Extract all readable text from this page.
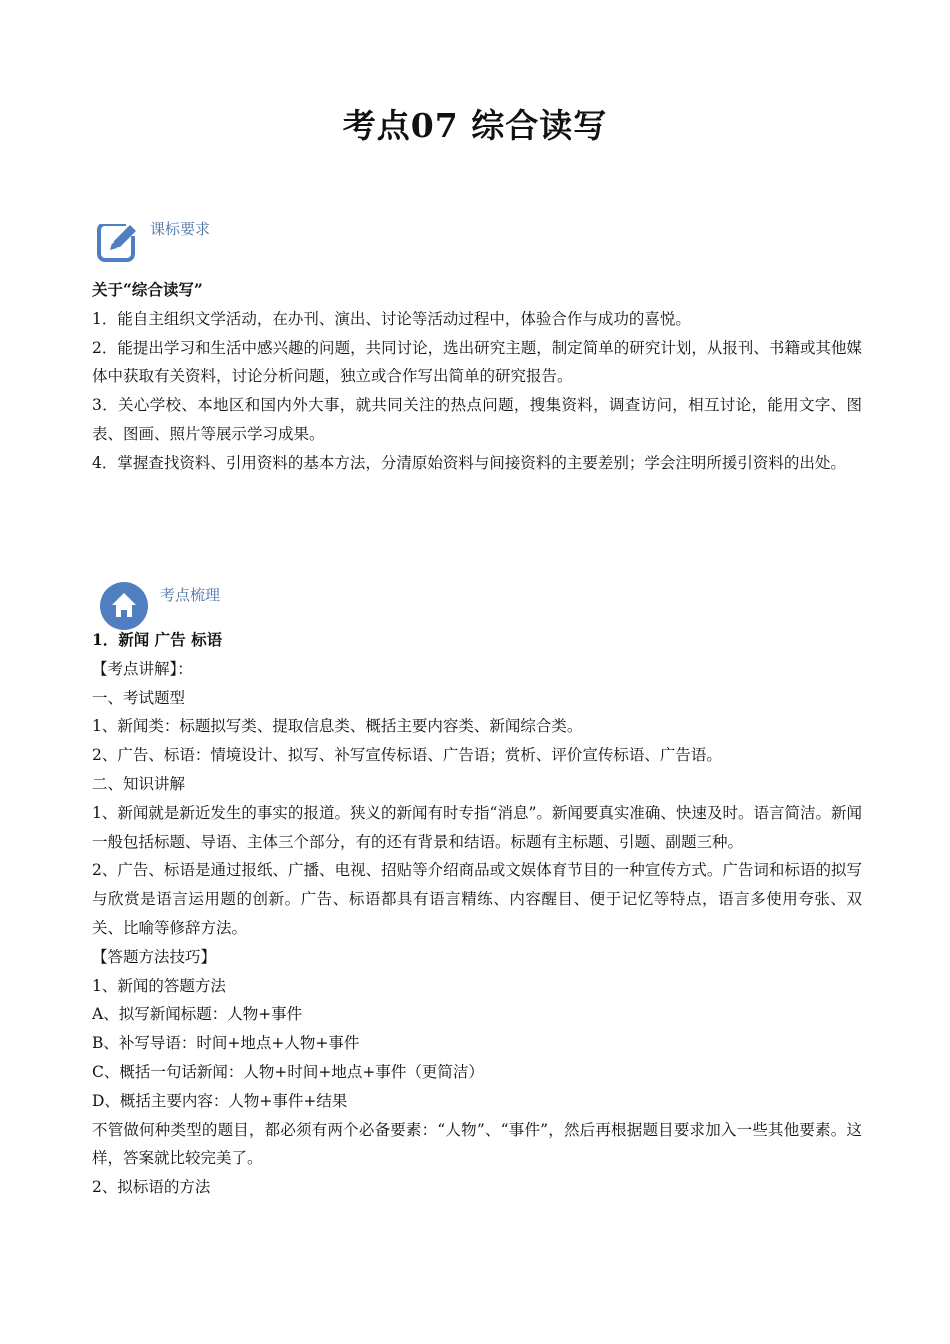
考点07 综合读写
课标要求

关于“综合读写”

1．能自主组织文学活动，在办刊、演出、讨论等活动过程中，体验合作与成功的喜悦。

2．能提出学习和生活中感兴趣的问题，共同讨论，选出研究主题，制定简单的研究计划，从报刊、书籍或其他媒体中获取有关资料，讨论分析问题，独立或合作写出简单的研究报告。

3．关心学校、本地区和国内外大事，就共同关注的热点问题，搜集资料，调查访问，相互讨论，能用文字、图表、图画、照片等展示学习成果。

4．掌握查找资料、引用资料的基本方法，分清原始资料与间接资料的主要差别；学会注明所援引资料的出处。

考点梳理

1．新闻 广告 标语

【考点讲解】：

一、考试题型

1、新闻类：标题拟写类、提取信息类、概括主要内容类、新闻综合类。

2、广告、标语：情境设计、拟写、补写宣传标语、广告语；赏析、评价宣传标语、广告语。

二、知识讲解

1、新闻就是新近发生的事实的报道。狭义的新闻有时专指“消息”。新闻要真实准确、快速及时。语言简洁。新闻一般包括标题、导语、主体三个部分，有的还有背景和结语。标题有主标题、引题、副题三种。

2、广告、标语是通过报纸、广播、电视、招贴等介绍商品或文娱体育节目的一种宣传方式。广告词和标语的拟写与欣赏是语言运用题的创新。广告、标语都具有语言精练、内容醒目、便于记忆等特点，语言多使用夸张、双关、比喻等修辞方法。

【答题方法技巧】

1、新闻的答题方法

A、拟写新闻标题：人物+事件

B、补写导语：时间+地点+人物+事件

C、概括一句话新闻：人物+时间+地点+事件（更简洁）

D、概括主要内容：人物+事件+结果

不管做何种类型的题目，都必须有两个必备要素：“人物”、“事件”，然后再根据题目要求加入一些其他要素。这样，答案就比较完美了。

2、拟标语的方法
